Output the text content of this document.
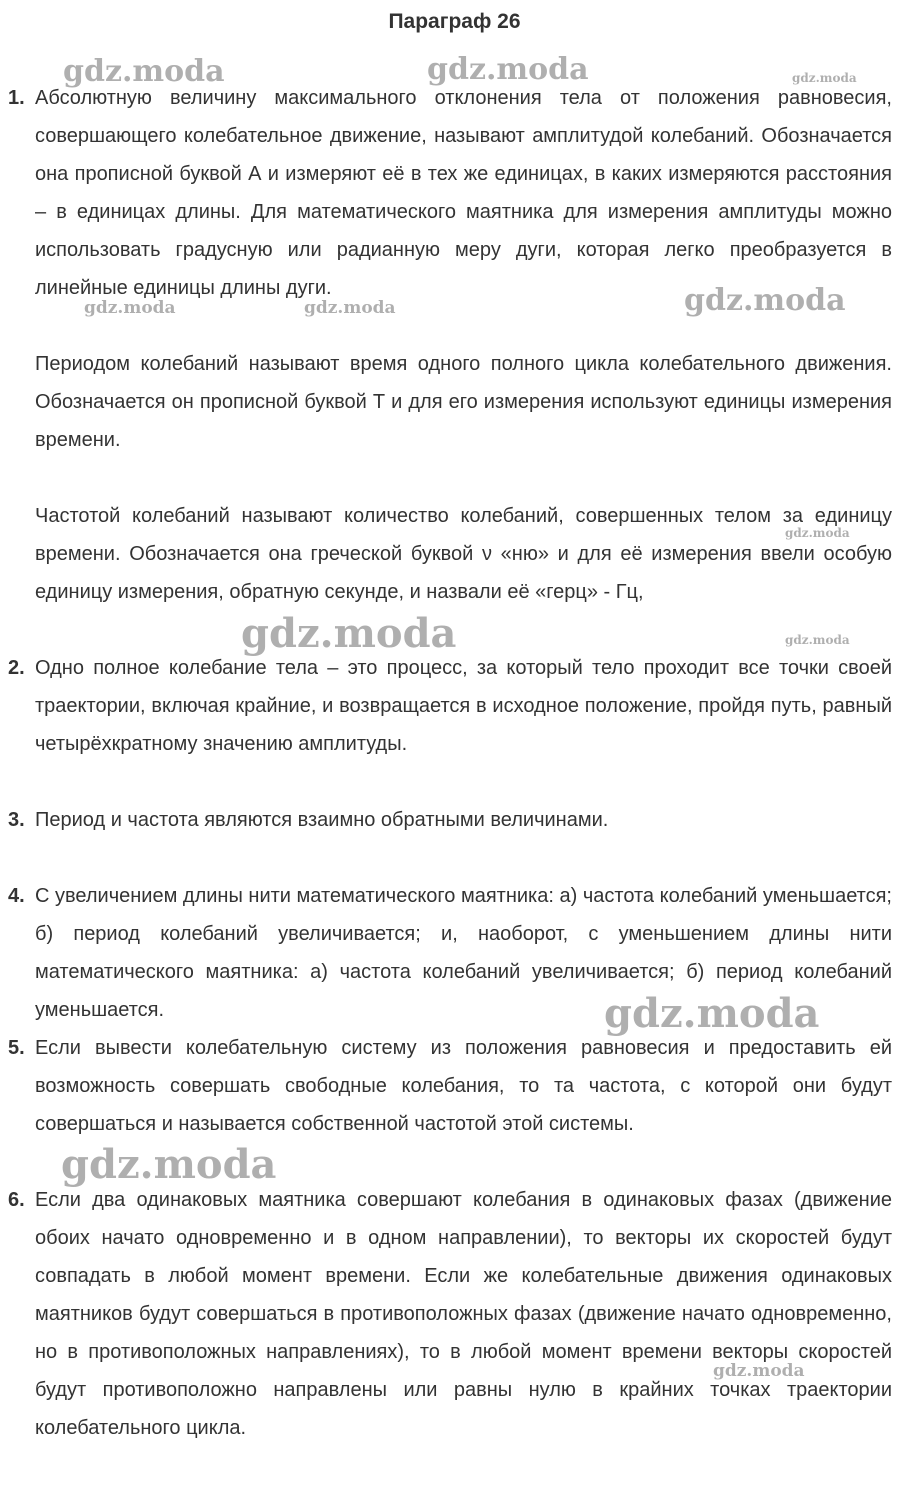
Параграф 26
1. Абсолютную величину максимального отклонения тела от положения равновесия, совершающего колебательное движение, называют амплитудой колебаний. Обозначается она прописной буквой А и измеряют её в тех же единицах, в каких измеряются расстояния – в единицах длины. Для математического маятника для измерения амплитуды можно использовать градусную или радианную меру дуги, которая легко преобразуется в линейные единицы длины дуги.

Периодом колебаний называют время одного полного цикла колебательного движения. Обозначается он прописной буквой Т и для его измерения используют единицы измерения времени.

Частотой колебаний называют количество колебаний, совершенных телом за единицу времени. Обозначается она греческой буквой ν «ню» и для её измерения ввели особую единицу измерения, обратную секунде, и назвали её «герц» - Гц,

2. Одно полное колебание тела – это процесс, за который тело проходит все точки своей траектории, включая крайние, и возвращается в исходное положение, пройдя путь, равный четырёхкратному значению амплитуды.

3. Период и частота являются взаимно обратными величинами.

4. С увеличением длины нити математического маятника: а) частота колебаний уменьшается; б) период колебаний увеличивается; и, наоборот, с уменьшением длины нити математического маятника: а) частота колебаний увеличивается; б) период колебаний уменьшается.

5. Если вывести колебательную систему из положения равновесия и предоставить ей возможность совершать свободные колебания, то та частота, с которой они будут совершаться и называется собственной частотой этой системы.

6. Если два одинаковых маятника совершают колебания в одинаковых фазах (движение обоих начато одновременно и в одном направлении), то векторы их скоростей будут совпадать в любой момент времени. Если же колебательные движения одинаковых маятников будут совершаться в противоположных фазах (движение начато одновременно, но в противоположных направлениях), то в любой момент времени векторы скоростей будут противоположно направлены или равны нулю в крайних точках траектории колебательного цикла.

gdz.moda	gdz.moda	gdz.moda
gdz.moda	gdz.moda	gdz.moda
gdz.moda
gdz.moda	gdz.moda
gdz.moda
gdz.moda
gdz.moda
